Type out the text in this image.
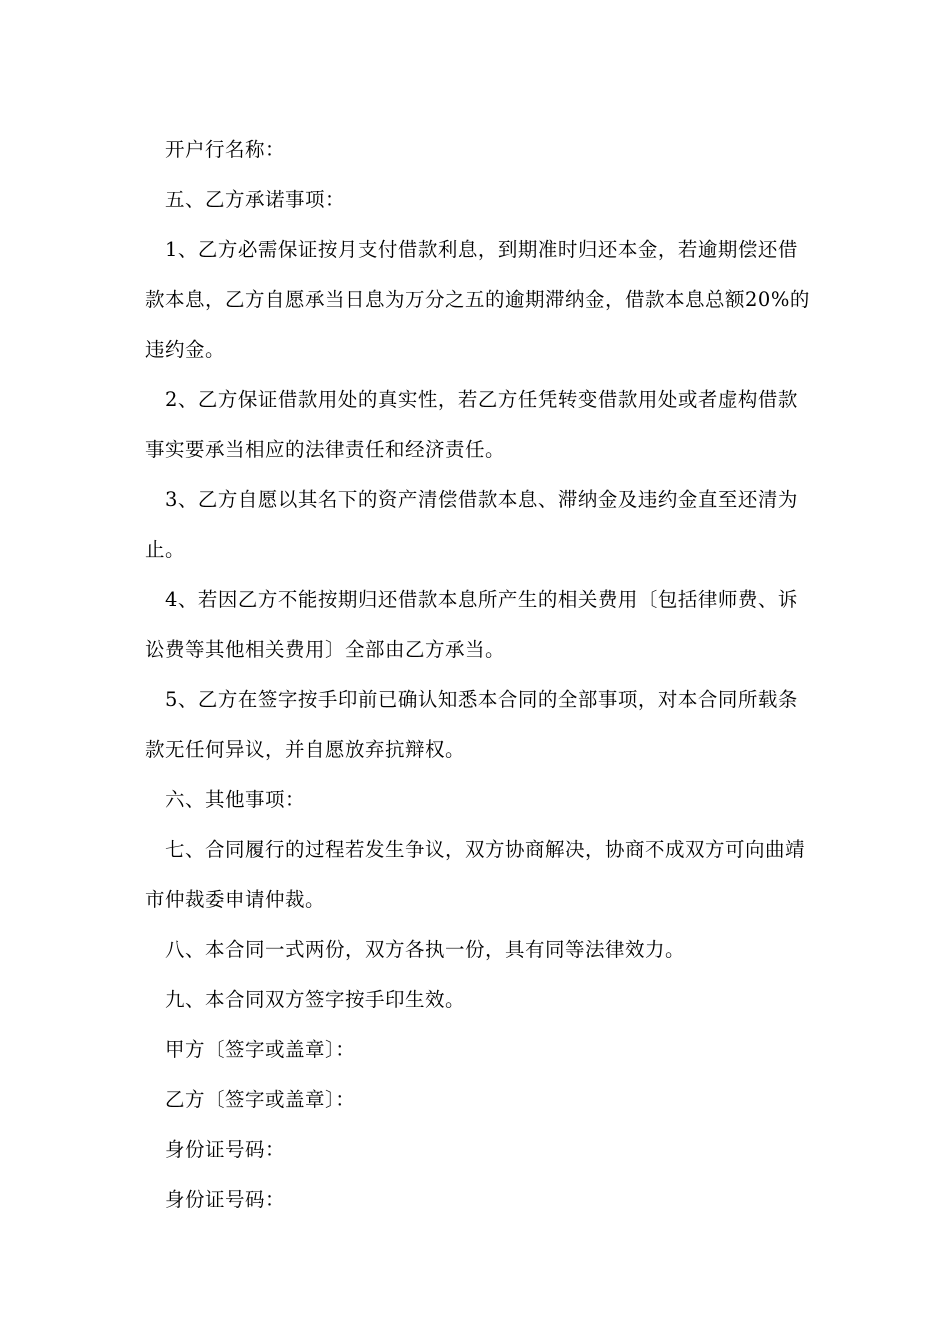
开户行名称：

五、乙方承诺事项：

1、乙方必需保证按月支付借款利息，到期准时归还本金，若逾期偿还借款本息，乙方自愿承当日息为万分之五的逾期滞纳金，借款本息总额20%的违约金。

2、乙方保证借款用处的真实性，若乙方任凭转变借款用处或者虚构借款事实要承当相应的法律责任和经济责任。

3、乙方自愿以其名下的资产清偿借款本息、滞纳金及违约金直至还清为止。

4、若因乙方不能按期归还借款本息所产生的相关费用〔包括律师费、诉讼费等其他相关费用〕全部由乙方承当。

5、乙方在签字按手印前已确认知悉本合同的全部事项，对本合同所载条款无任何异议，并自愿放弃抗辩权。

六、其他事项：

七、合同履行的过程若发生争议，双方协商解决，协商不成双方可向曲靖市仲裁委申请仲裁。

八、本合同一式两份，双方各执一份，具有同等法律效力。

九、本合同双方签字按手印生效。

甲方〔签字或盖章〕：

乙方〔签字或盖章〕：

身份证号码：

身份证号码：
